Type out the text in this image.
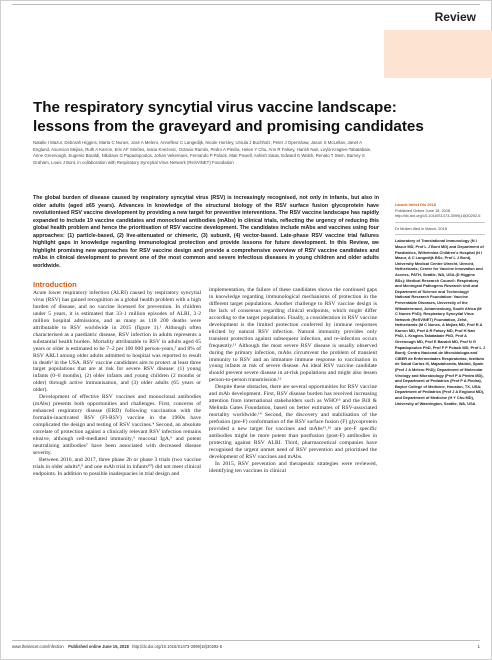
Review
The respiratory syncytial virus vaccine landscape: lessons from the graveyard and promising candidates
Natalie I Mazur, Deborah Higgins, Marta C Nunes, José A Melero, Annefleur C Langedijk, Nicole Horsley, Ursula J Buchholz, Peter J Openshaw, Jason S McLellan, Janet A Englund, Asuncion Mejias, Ruth A Karron, Eric AF Simões, Ivana Knezevic, Octavio Ramilo, Pedro A Piedra, Helen Y Chu, Ann R Falsey, Harish Nair, Leyla Kragten-Tabatabaie, Anne Greenough, Eugenio Baraldi, Nikolaos G Papadopoulos, Johan Vekemans, Fernando P Polack, Mair Powell, Ashish Satav, Edward E Walsh, Renato T Stein, Barney S Graham, Louis J Bont, in collaboration with Respiratory Syncytial Virus Network (ReSViNET) Foundation
The global burden of disease caused by respiratory syncytial virus (RSV) is increasingly recognised, not only in infants, but also in older adults (aged ≥65 years). Advances in knowledge of the structural biology of the RSV surface fusion glycoprotein have revolutionised RSV vaccine development by providing a new target for preventive interventions. The RSV vaccine landscape has rapidly expanded to include 19 vaccine candidates and monoclonal antibodies (mAbs) in clinical trials, reflecting the urgency of reducing this global health problem and hence the prioritisation of RSV vaccine development. The candidates include mAbs and vaccines using four approaches: (1) particle-based, (2) live-attenuated or chimeric, (3) subunit, (4) vector-based. Late-phase RSV vaccine trial failures highlight gaps in knowledge regarding immunological protection and provide lessons for future development. In this Review, we highlight promising new approaches for RSV vaccine design and provide a comprehensive overview of RSV vaccine candidates and mAbs in clinical development to prevent one of the most common and severe infectious diseases in young children and older adults worldwide.
Introduction

Acute lower respiratory infection (ALRI) caused by respiratory syncytial virus (RSV) has gained recognition as a global health problem with a high burden of disease, and no vaccine licensed for prevention. In children under 5 years, it is estimated that 33·1 million episodes of ALRI, 3·2 million hospital admissions, and as many as 118 200 deaths were attributable to RSV worldwide in 2015 (figure 1).¹ Although often characterised as a paediatric disease, RSV infection in adults represents a substantial health burden. Mortality attributable to RSV in adults aged 65 years or older is estimated to be 7–2 per 100 000 person-years,² and 8% of RSV ARLI among older adults admitted to hospital was reported to result in death³ in the USA. RSV vaccine candidates aim to protect at least three target populations that are at risk for severe RSV disease: (1) young infants (0–6 months), (2) older infants and young children (2 months or older) through active immunisation, and (3) older adults (65 years or older).

Development of effective RSV vaccines and monoclonal antibodies (mAbs) presents both opportunities and challenges. First, concerns of enhanced respiratory disease (ERD) following vaccination with the formalin-inactivated RSV (FI-RSV) vaccine in the 1960s have complicated the design and testing of RSV vaccines.⁴ Second, an absolute correlate of protection against a clinically relevant RSV infection remains elusive, although cell-mediated immunity,⁵ mucosal IgA,⁶ and potent neutralising antibodies⁷ have been associated with decreased disease severity.

Between 2016, and 2017, three phase 2b or phase 3 trials (two vaccine trials in older adults⁸,⁹ and one mAb trial in infants¹⁰) did not meet clinical endpoints. In addition to possible inadequacies in trial design and

implementation, the failure of these candidates shows the continued gaps in knowledge regarding immunological mechanisms of protection in the different target populations. Another challenge to RSV vaccine design is the lack of consensus regarding clinical endpoints, which might differ according to the target population. Finally, a consideration in RSV vaccine development is the limited protection conferred by immune responses elicited by natural RSV infection. Natural immunity provides only transient protection against subsequent infection, and re-infection occurs frequently.¹¹ Although the most severe RSV disease is usually observed during the primary infection, mAbs circumvent the problem of transient immunity to RSV and an immature immune response to vaccination in young infants at risk of severe disease. An ideal RSV vaccine candidate should prevent severe disease in at-risk populations and might also lessen person-to-person transmission.¹²

Despite these obstacles, there are several opportunities for RSV vaccine and mAb development. First, RSV disease burden has received increasing attention from international stakeholders such as WHO¹³ and the Bill & Melinda Gates Foundation, based on better estimates of RSV-associated mortality worldwide.¹⁴ Second, the discovery and stabilisation of the prefusion (pre-F) conformation of the RSV surface fusion (F) glycoprotein provided a new target for vaccines and mAbs¹⁵,¹⁶ are pre-F specific antibodies might be more potent than postfusion (post-F) antibodies in protecting against RSV ALRI. Third, pharmaceutical companies have recognised the urgent unmet need of RSV prevention and prioritised the development of RSV vaccines and mAbs.

In 2015, RSV prevention and therapeutic strategies were reviewed, identifying ten vaccines in clinical

Lancet Infect Dis 2018
Published Online June 15, 2018 http://dx.doi.org/10.1016/S1473-3099(18)30292-5
Dr Mullen died in March, 2018
Laboratory of Translational Immunology (N I Mazur MD, Prof L J Bont MD) and Department of Paediatrics, Wilhelmina Children's Hospital (N I Mazur, A C Langedijk BSc, Prof L J Bont), University Medical Centre Utrecht, Utrecht, Netherlands; Center for Vaccine Innovation and Access, PATH, Seattle, WA, USA (D Higgins BSc); Medical Research Council: Respiratory and Meningeal Pathogens Research Unit and Department of Science and Technology/ National Research Foundation: Vaccine Preventable Diseases, University of the Witwatersrand, Johannesburg, South Africa (M C Nunes PhD); Respiratory Syncytial Virus Network (ReSViNET) Foundation, Zeist, Netherlands (M C Nunes, A Mejias MD, Prof R A Karron MD, Prof A R Falsey MD, Prof H Nair PhD, L Kragten-Tabatabaie PhD, Prof A Greenough MD, Prof E Baraldi MD, Prof N G Papadopoulos PhD, Prof F P Polack MD, Prof L J Bont); Centro Nacional de Microbiología and CIBER de Enfermedades Respiratorias, Instituto de Salud Carlos III, Majadahonda, Madrid, Spain (Prof J A Melero PhD); Department of Molecular Virology and Microbiology (Prof P A Piedra MD), and Department of Pediatrics (Prof P A Piedra), Baylor College of Medicine, Houston, TX, USA; Department of Pediatrics (Prof J A Englund MD), and Department of Medicine (H Y Chu MD), University of Washington, Seattle, WA, USA
www.thelancet.com/infection Published online June 15, 2018 http://dx.doi.org/10.1016/S1473-3099(18)30292-5	1
